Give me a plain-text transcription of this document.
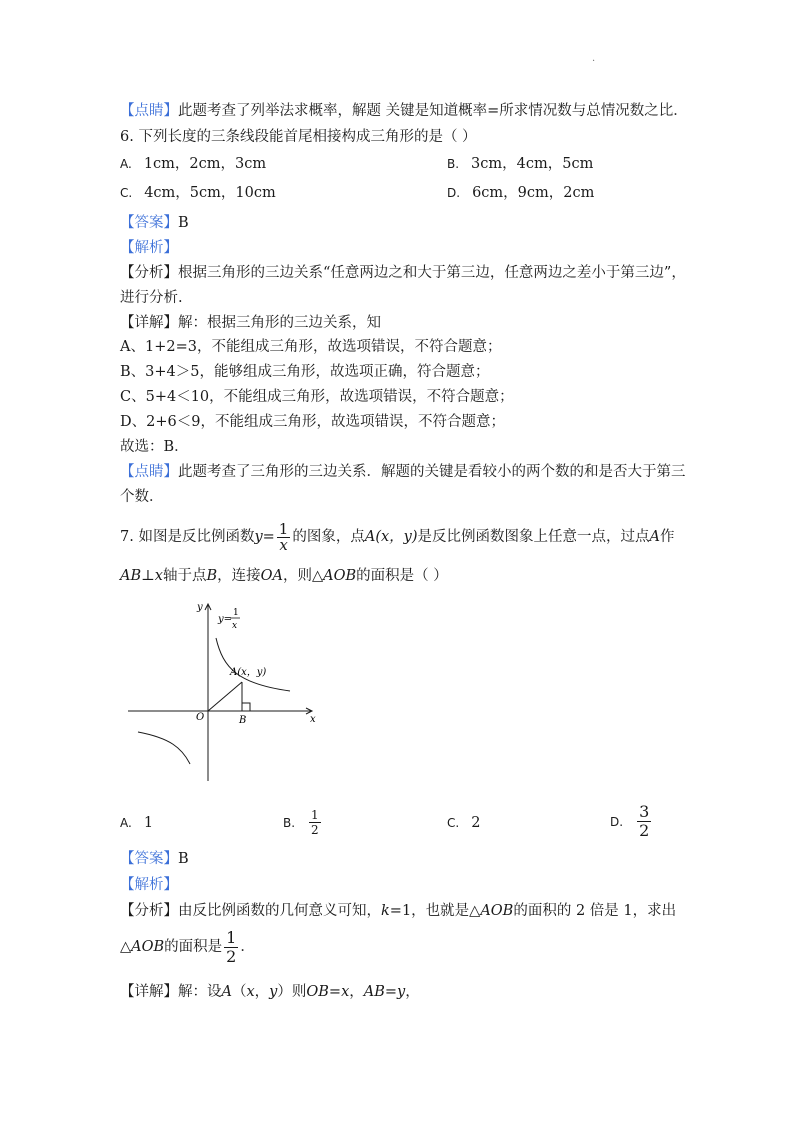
·
【点睛】此题考查了列举法求概率，解题 关键是知道概率=所求情况数与总情况数之比．
6. 下列长度的三条线段能首尾相接构成三角形的是（ ）
A. 1cm，2cm，3cm	B. 3cm，4cm，5cm
C. 4cm，5cm，10cm	D. 6cm，9cm，2cm
【答案】B
【解析】
【分析】根据三角形的三边关系“任意两边之和大于第三边，任意两边之差小于第三边”，
进行分析.
【详解】解：根据三角形的三边关系，知
A、1+2=3，不能组成三角形，故选项错误，不符合题意；
B、3+4＞5，能够组成三角形，故选项正确，符合题意；
C、5+4＜10，不能组成三角形，故选项错误，不符合题意；
D、2+6＜9，不能组成三角形，故选项错误，不符合题意；
故选：B．
【点睛】此题考查了三角形的三边关系．解题的关键是看较小的两个数的和是否大于第三
个数．
7. 如图是反比例函数$y= \frac{1}{x}$ 的图象，点A(x，y)是反比例函数图象上任意一点，过点A作
AB⊥x轴于点B，连接OA，则△AOB的面积是（ ）
y
x
O
y=
1
x
A(x，y)
B
A. 1	B. $\frac{1}{2}$	C. 2	D. $\frac{3}{2}$
【答案】B
【解析】
【分析】由反比例函数的几何意义可知，k=1，也就是△AOB的面积的 2 倍是 1，求出
△AOB的面积是 $\frac{1}{2}$ ．
【详解】解：设A（x，y）则OB=x，AB=y，
